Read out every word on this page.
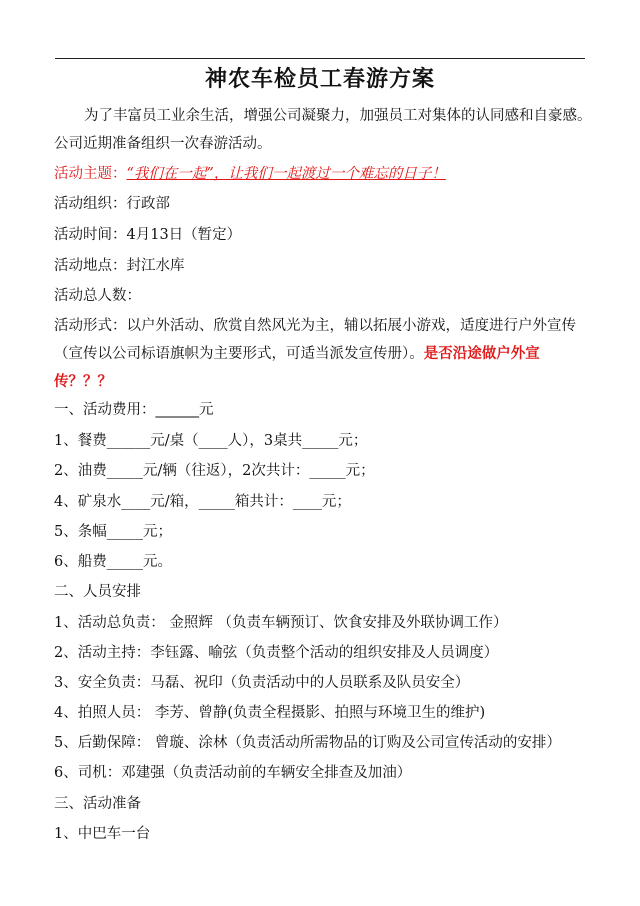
神农车检员工春游方案
为了丰富员工业余生活，增强公司凝聚力，加强员工对集体的认同感和自豪感。公司近期准备组织一次春游活动。
活动主题：“我们在一起”，让我们一起渡过一个难忘的日子！
活动组织：行政部
活动时间：4月13日（暂定）
活动地点：封江水库
活动总人数：
活动形式：以户外活动、欣赏自然风光为主，辅以拓展小游戏，适度进行户外宣传（宣传以公司标语旗帜为主要形式，可适当派发宣传册）。是否沿途做户外宣传？？？
一、活动费用：______元
1、餐费______元/桌（____人），3桌共_____元；
2、油费_____元/辆（往返），2次共计：_____元；
4、矿泉水____元/箱，_____箱共计：____元；
5、条幅_____元；
6、船费_____元。
二、人员安排
1、活动总负责： 金照辉 （负责车辆预订、饮食安排及外联协调工作）
2、活动主持：李钰露、喻弦（负责整个活动的组织安排及人员调度）
3、安全负责：马磊、祝印（负责活动中的人员联系及队员安全）
4、拍照人员： 李芳、曾静(负责全程摄影、拍照与环境卫生的维护)
5、后勤保障： 曾璇、涂林（负责活动所需物品的订购及公司宣传活动的安排）
6、司机：邓建强（负责活动前的车辆安全排查及加油）
三、活动准备
1、中巴车一台
